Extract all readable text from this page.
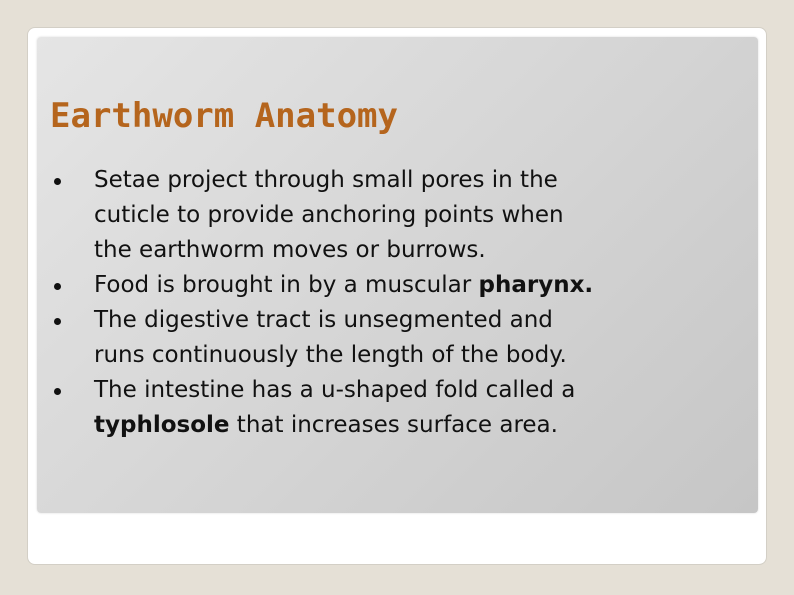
Earthworm Anatomy
Setae project through small pores in the
cuticle to provide anchoring points when
the earthworm moves or burrows.
Food is brought in by a muscular pharynx.
The digestive tract is unsegmented and
runs continuously the length of the body.
The intestine has a u-shaped fold called a
typhlosole that increases surface area.
